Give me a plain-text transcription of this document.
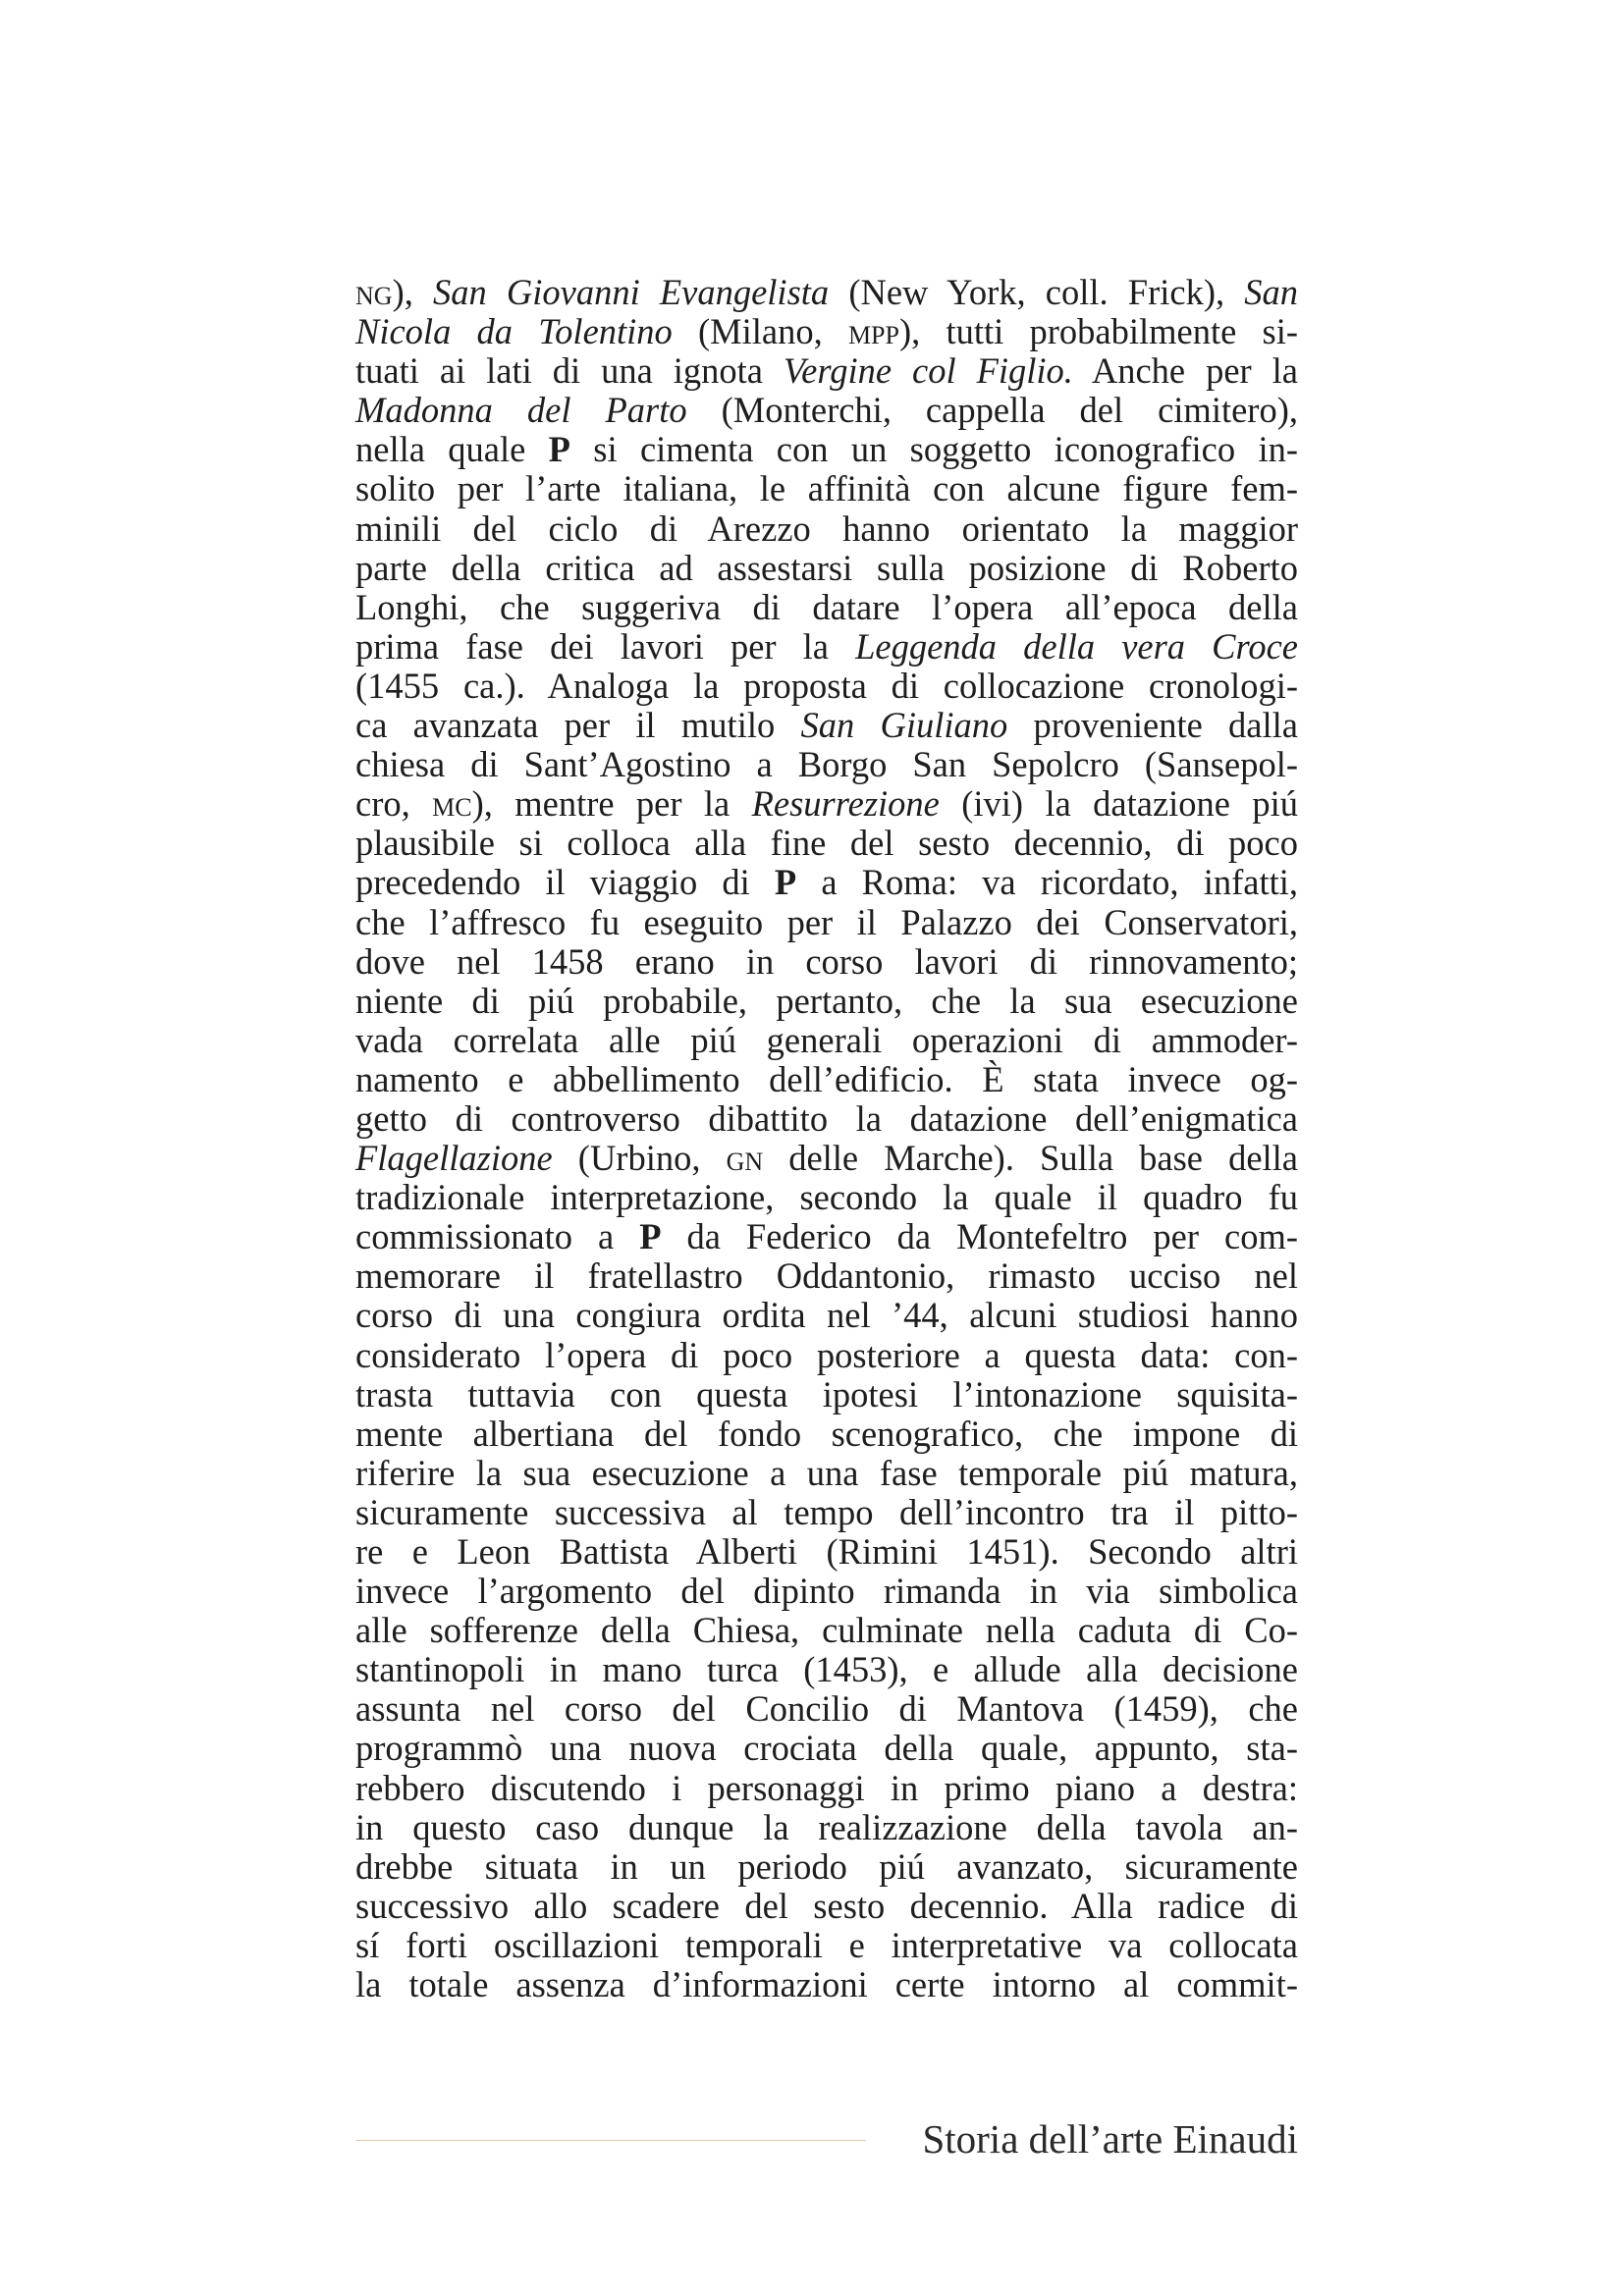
ng), San Giovanni Evangelista (New York, coll. Frick), San
Nicola da Tolentino (Milano, mpp), tutti probabilmente si-
tuati ai lati di una ignota Vergine col Figlio. Anche per la
Madonna del Parto (Monterchi, cappella del cimitero),
nella quale P si cimenta con un soggetto iconografico in-
solito per l’arte italiana, le affinità con alcune figure fem-
minili del ciclo di Arezzo hanno orientato la maggior
parte della critica ad assestarsi sulla posizione di Roberto
Longhi, che suggeriva di datare l’opera all’epoca della
prima fase dei lavori per la Leggenda della vera Croce
(1455 ca.). Analoga la proposta di collocazione cronologi-
ca avanzata per il mutilo San Giuliano proveniente dalla
chiesa di Sant’Agostino a Borgo San Sepolcro (Sansepol-
cro, mc), mentre per la Resurrezione (ivi) la datazione piú
plausibile si colloca alla fine del sesto decennio, di poco
precedendo il viaggio di P a Roma: va ricordato, infatti,
che l’affresco fu eseguito per il Palazzo dei Conservatori,
dove nel 1458 erano in corso lavori di rinnovamento;
niente di piú probabile, pertanto, che la sua esecuzione
vada correlata alle piú generali operazioni di ammoder-
namento e abbellimento dell’edificio. È stata invece og-
getto di controverso dibattito la datazione dell’enigmatica
Flagellazione (Urbino, gn delle Marche). Sulla base della
tradizionale interpretazione, secondo la quale il quadro fu
commissionato a P da Federico da Montefeltro per com-
memorare il fratellastro Oddantonio, rimasto ucciso nel
corso di una congiura ordita nel ’44, alcuni studiosi hanno
considerato l’opera di poco posteriore a questa data: con-
trasta tuttavia con questa ipotesi l’intonazione squisita-
mente albertiana del fondo scenografico, che impone di
riferire la sua esecuzione a una fase temporale piú matura,
sicuramente successiva al tempo dell’incontro tra il pitto-
re e Leon Battista Alberti (Rimini 1451). Secondo altri
invece l’argomento del dipinto rimanda in via simbolica
alle sofferenze della Chiesa, culminate nella caduta di Co-
stantinopoli in mano turca (1453), e allude alla decisione
assunta nel corso del Concilio di Mantova (1459), che
programmò una nuova crociata della quale, appunto, sta-
rebbero discutendo i personaggi in primo piano a destra:
in questo caso dunque la realizzazione della tavola an-
drebbe situata in un periodo piú avanzato, sicuramente
successivo allo scadere del sesto decennio. Alla radice di
sí forti oscillazioni temporali e interpretative va collocata
la totale assenza d’informazioni certe intorno al commit-
Storia dell’arte Einaudi
